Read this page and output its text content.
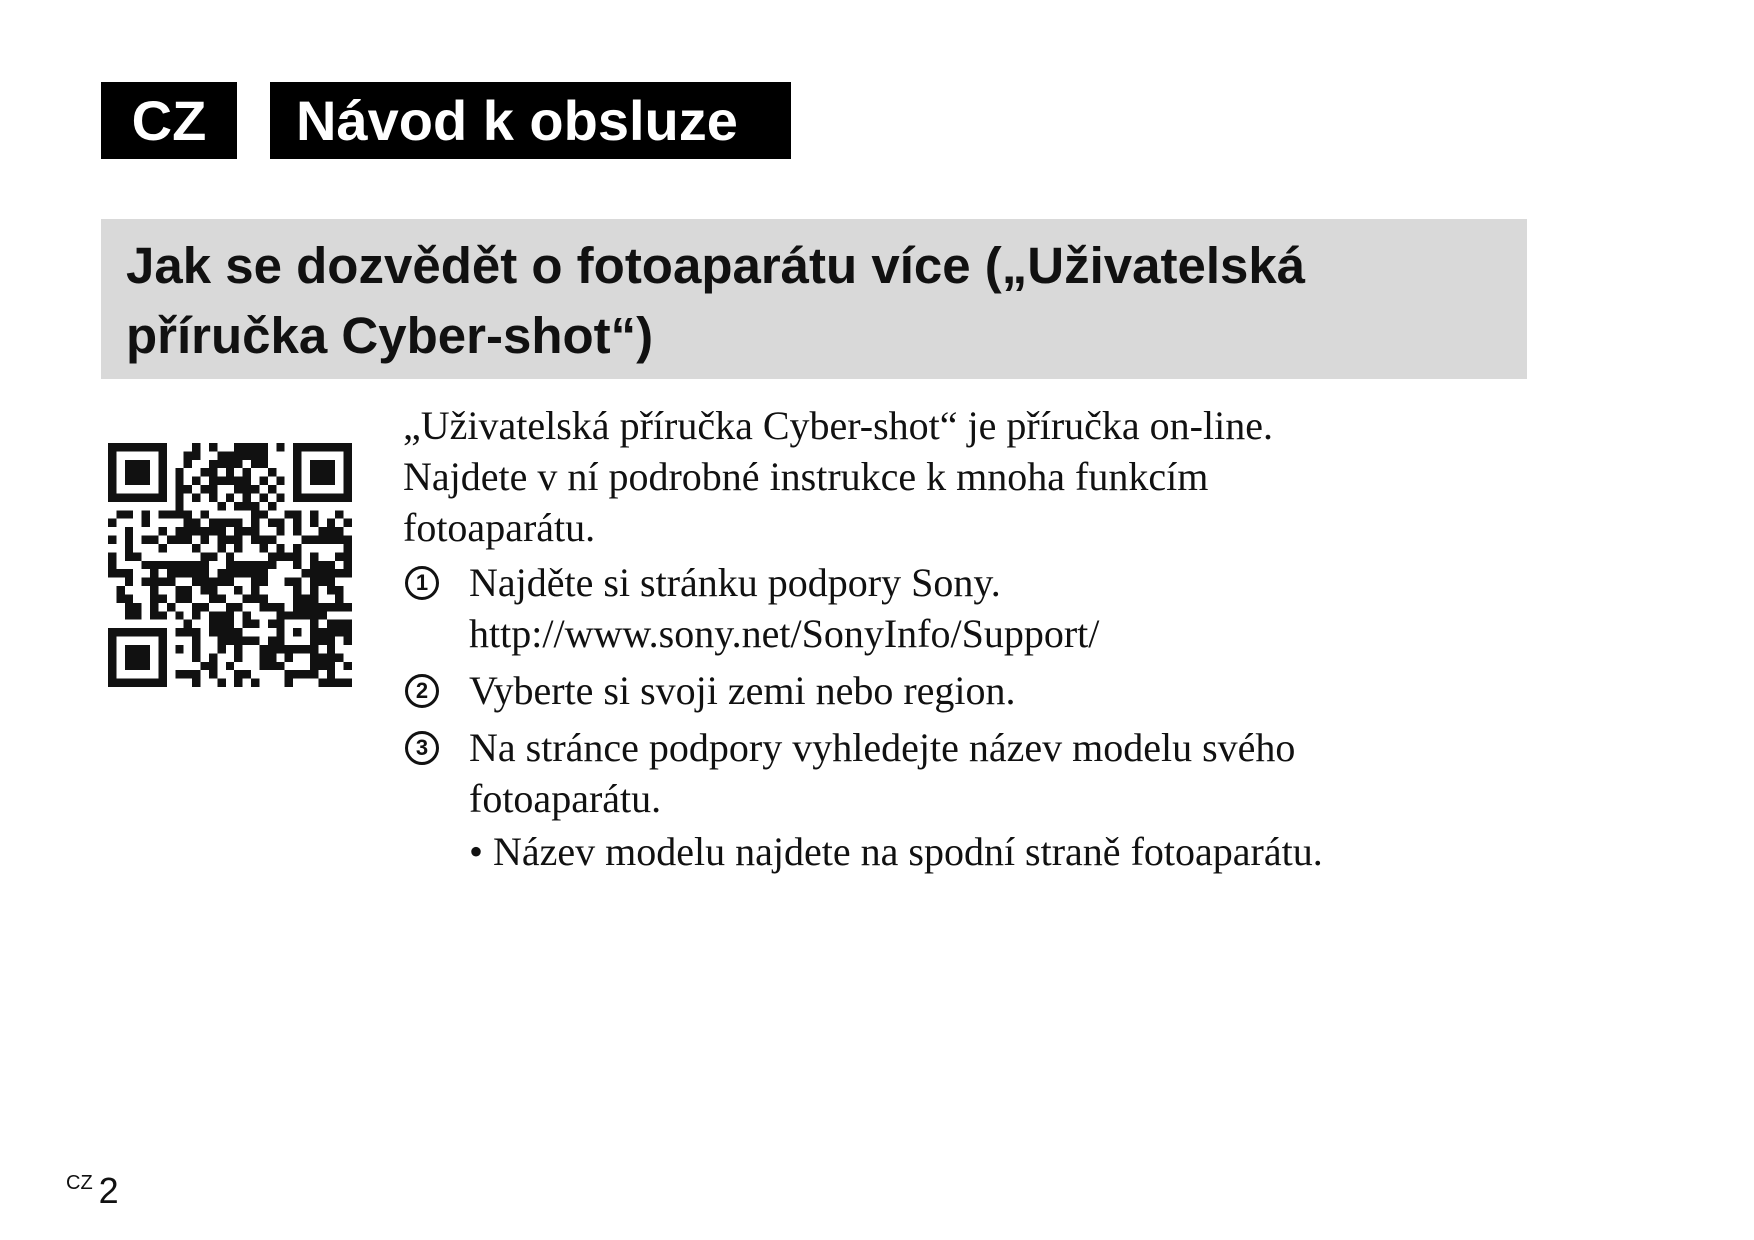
CZ	Návod k obsluze
Jak se dozvědět o fotoaparátu více („Uživatelská
příručka Cyber-shot“)

„Uživatelská příručka Cyber-shot“ je příručka on-line.
Najdete v ní podrobné instrukce k mnoha funkcím
fotoaparátu.

1 Najděte si stránku podpory Sony.
http://www.sony.net/SonyInfo/Support/
2 Vyberte si svoji zemi nebo region.
3 Na stránce podpory vyhledejte název modelu svého
fotoaparátu.
• Název modelu najdete na spodní straně fotoaparátu.
CZ 2
